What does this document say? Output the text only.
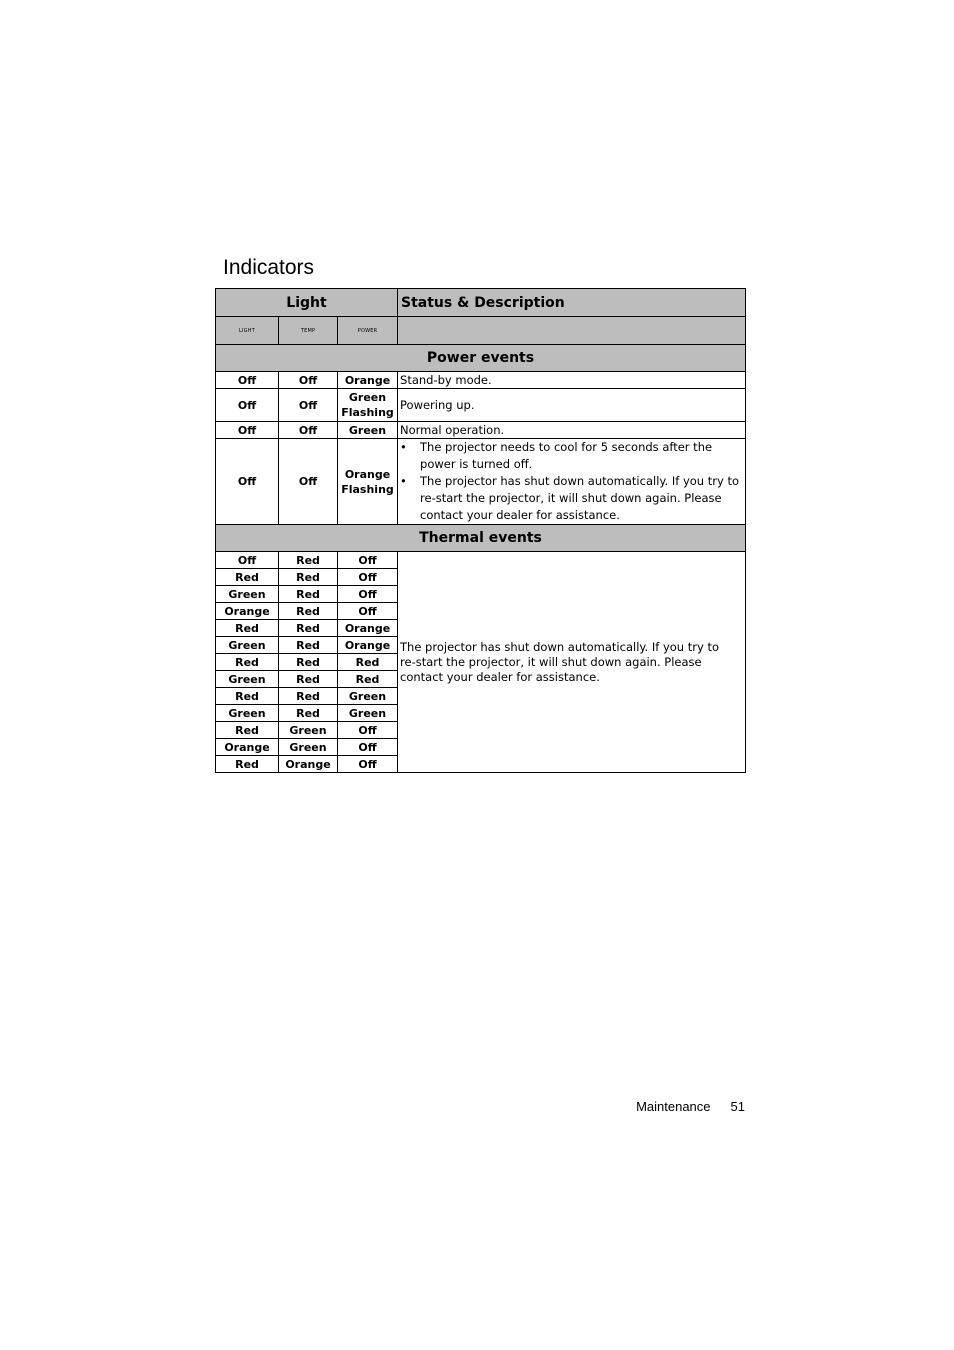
Indicators
Light			Status & Description
LIGHT	TEMP	POWER	
Power events			
Off	Off	Orange	Stand-by mode.
Off	Off	Green Flashing	Powering up.
Off	Off	Green	Normal operation.
Off	Off	Orange Flashing	• The projector needs to cool for 5 seconds after the power is turned off.
• The projector has shut down automatically. If you try to re-start the projector, it will shut down again. Please contact your dealer for assistance.

Thermal events			
Off	Red	Off	The projector has shut down automatically. If you try to re-start the projector, it will shut down again. Please contact your dealer for assistance.
Red	Red	Off	
Green	Red	Off	
Orange	Red	Off	
Red	Red	Orange	
Green	Red	Orange	
Red	Red	Red	
Green	Red	Red	
Red	Red	Green	
Green	Red	Green	
Red	Green	Off	
Orange	Green	Off	
Red	Orange	Off	
Maintenance 51
